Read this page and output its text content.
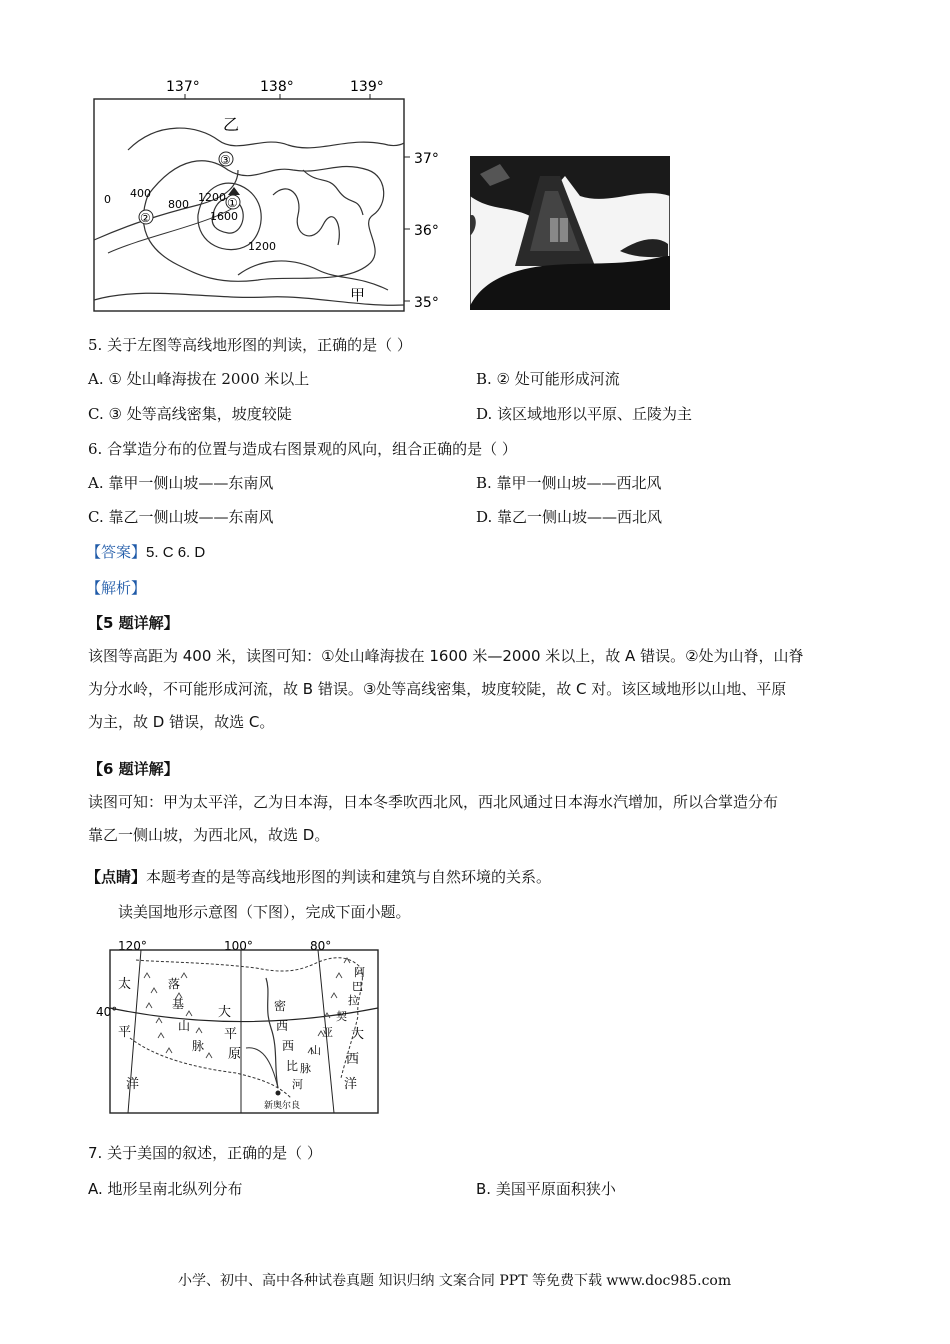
137°	138°	139°
37°
36°
35°
乙
甲
0 400
800
1200
1600
1200
②
①
③
5. 关于左图等高线地形图的判读，正确的是（ ）
A. ① 处山峰海拔在 2000 米以上	B. ② 处可能形成河流
C. ③ 处等高线密集，坡度较陡	D. 该区域地形以平原、丘陵为主
6. 合掌造分布的位置与造成右图景观的风向，组合正确的是（ ）
A. 靠甲一侧山坡——东南风	B. 靠甲一侧山坡——西北风
C. 靠乙一侧山坡——东南风	D. 靠乙一侧山坡——西北风
【答案】5. C 6. D
【解析】
【5 题详解】
该图等高距为 400 米，读图可知：①处山峰海拔在 1600 米—2000 米以上，故 A 错误。②处为山脊，山脊
为分水岭，不可能形成河流，故 B 错误。③处等高线密集，坡度较陡，故 C 对。该区域地形以山地、平原
为主，故 D 错误，故选 C。
【6 题详解】
读图可知：甲为太平洋，乙为日本海，日本冬季吹西北风，西北风通过日本海水汽增加，所以合掌造分布
靠乙一侧山坡，为西北风，故选 D。
【点睛】本题考查的是等高线地形图的判读和建筑与自然环境的关系。
读美国地形示意图（下图），完成下面小题。
120°	100°	80°
40°
太
平
洋
大
西
洋
落
基
山
脉
大
平
原
密
西
西
比
河
阿
巴
拉
契
亚
山
脉
新奥尔良
7. 关于美国的叙述，正确的是（ ）
A. 地形呈南北纵列分布	B. 美国平原面积狭小
小学、初中、高中各种试卷真题 知识归纳 文案合同 PPT 等免费下载 www.doc985.com
